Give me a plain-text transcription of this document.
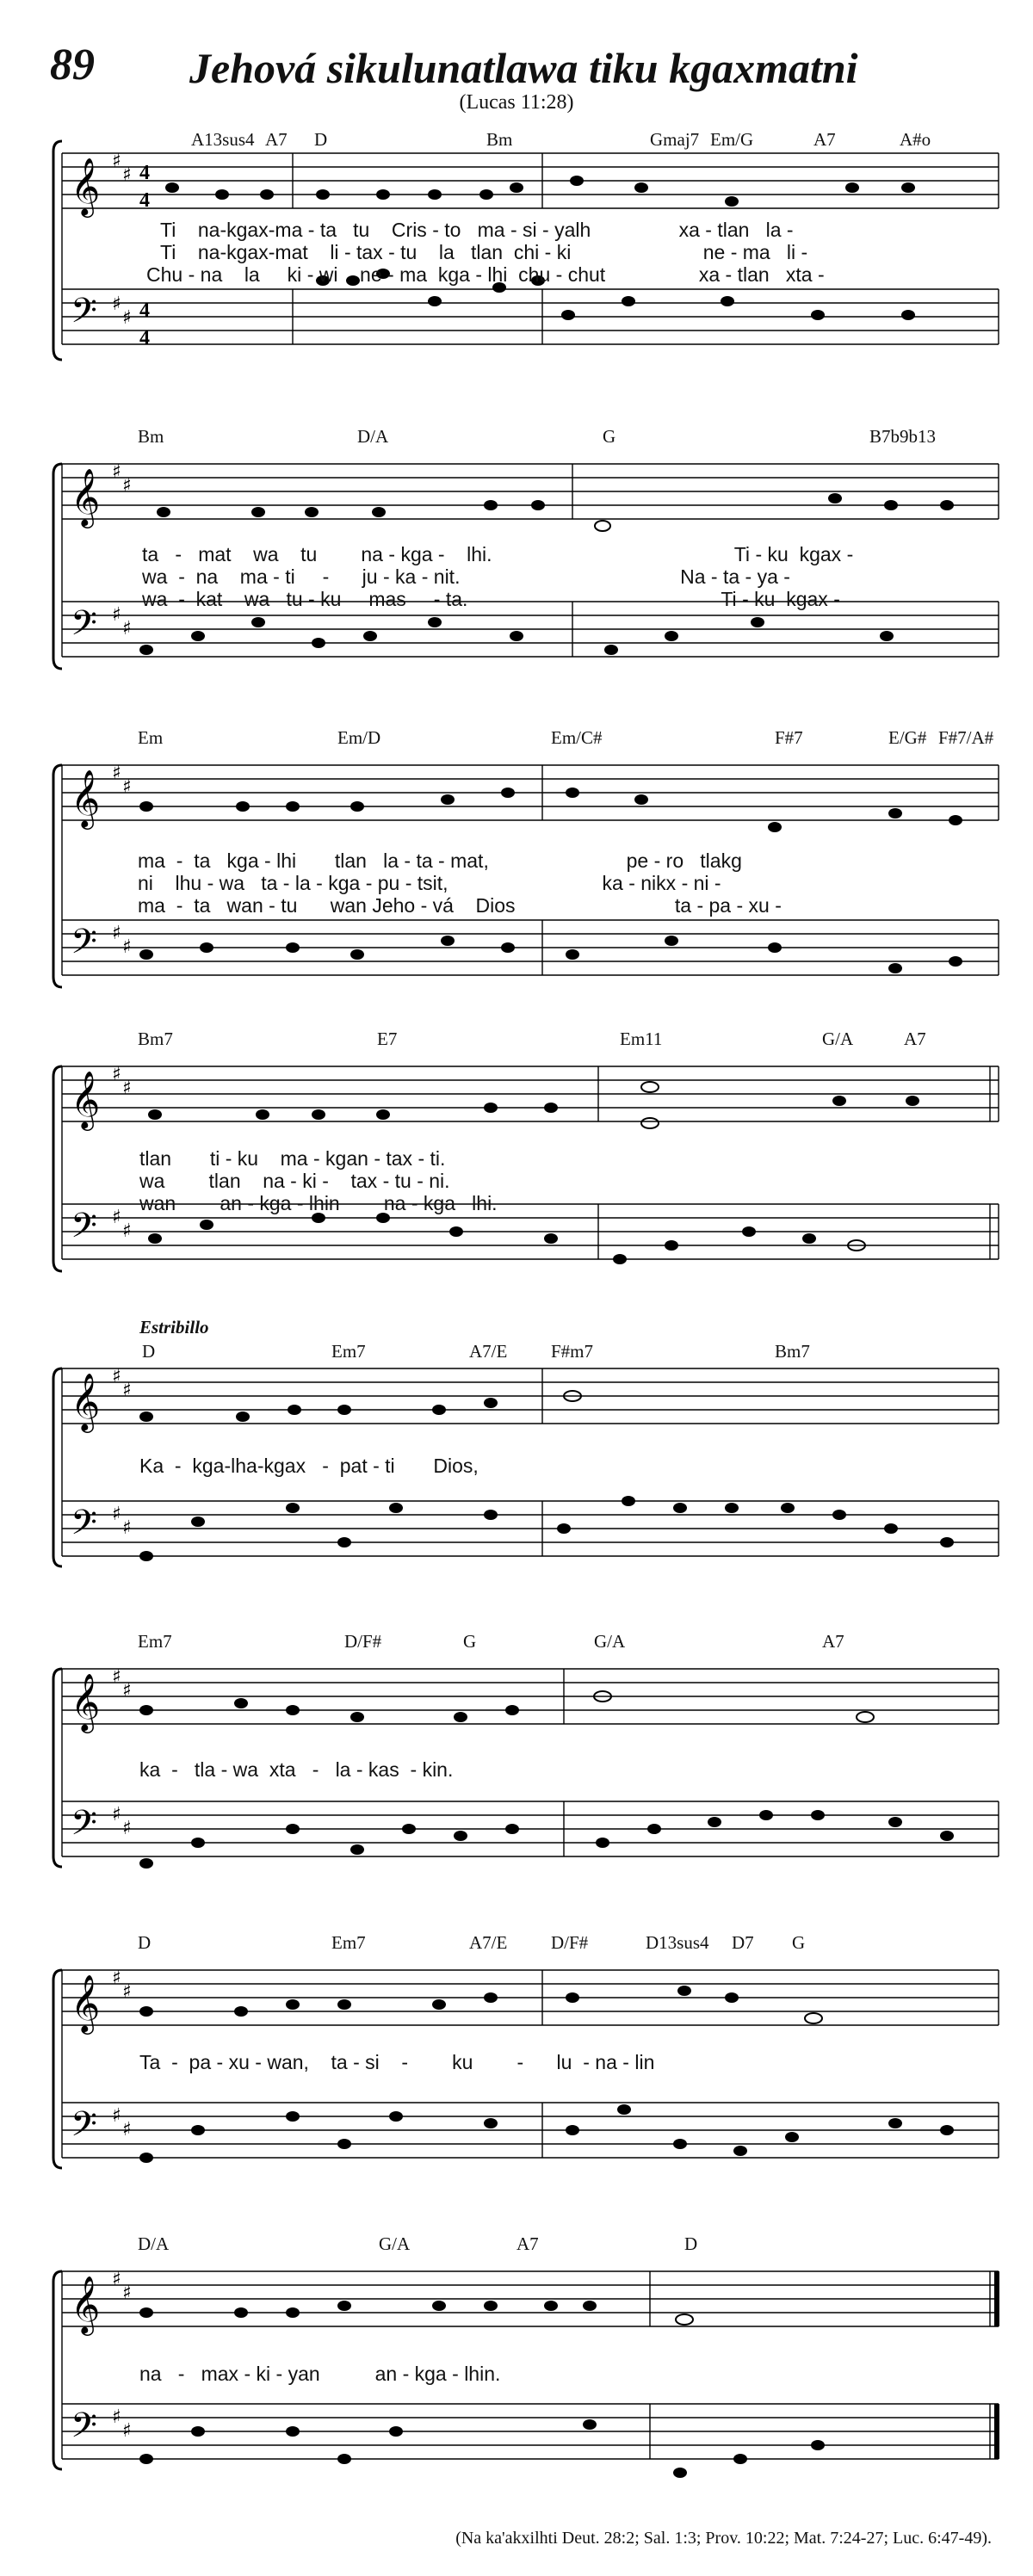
89 Jehová sikulunatlawa tiku kgaxmatni
(Lucas 11:28)
𝄞
𝄢
♯
♯
♯
♯
4
4
4
4
A13sus4 A7 D	Bm	Gmaj7 Em/G	A7	A#o
Ti na-kgax-ma - ta tu Cris - to ma - si - yalh	xa - tlan la -
Ti na-kgax-mat li - tax - tu la tlan chi - ki	ne - ma li -
Chu - na la ki - wi ne - ma kga - lhi chu - chut	xa - tlan xta -
𝄞
𝄢
♯
♯
♯
♯
Bm	D/A	G	B7b9b13
ta - mat wa tu na - kga - lhi.	Ti - ku kgax -
wa - na ma - ti - ju - ka - nit.	Na - ta - ya -
wa - kat wa tu - ku mas - ta.	Ti - ku kgax -
𝄞
𝄢
♯
♯
♯
♯
Em	Em/D	Em/C#	F#7	E/G# F#7/A#
ma - ta kga - lhi tlan la - ta - mat,	pe - ro tlakg
ni lhu - wa ta - la - kga - pu - tsit,	ka - nikx - ni -
ma - ta wan - tu wan Jeho - vá Dios	ta - pa - xu -
𝄞
𝄢
♯
♯
♯
♯
Bm7	E7	Em11	G/A	A7
tlan ti - ku ma - kgan - tax - ti.
wa tlan na - ki - tax - tu - ni.
wan an - kga - lhin na - kga lhi.
Estribillo
𝄞
𝄢
♯
♯
♯
♯
D	Em7	A7/E F#m7	Bm7
Ka - kga-lha-kgax - pat - ti Dios,
𝄞
𝄢
♯
♯
♯
♯
Em7	D/F#	G	G/A	A7
ka - tla - wa xta - la - kas - kin.
𝄞
𝄢
♯
♯
♯
♯
D	Em7	A7/E D/F#	D13sus4 D7 G
Ta - pa - xu - wan, ta - si - ku - lu - na - lin
𝄞
𝄢
♯
♯
♯
♯
D/A	G/A	A7	D
na - max - ki - yan	an - kga - lhin.
(Na ka'akxilhti Deut. 28:2; Sal. 1:3; Prov. 10:22; Mat. 7:24-27; Luc. 6:47-49).
